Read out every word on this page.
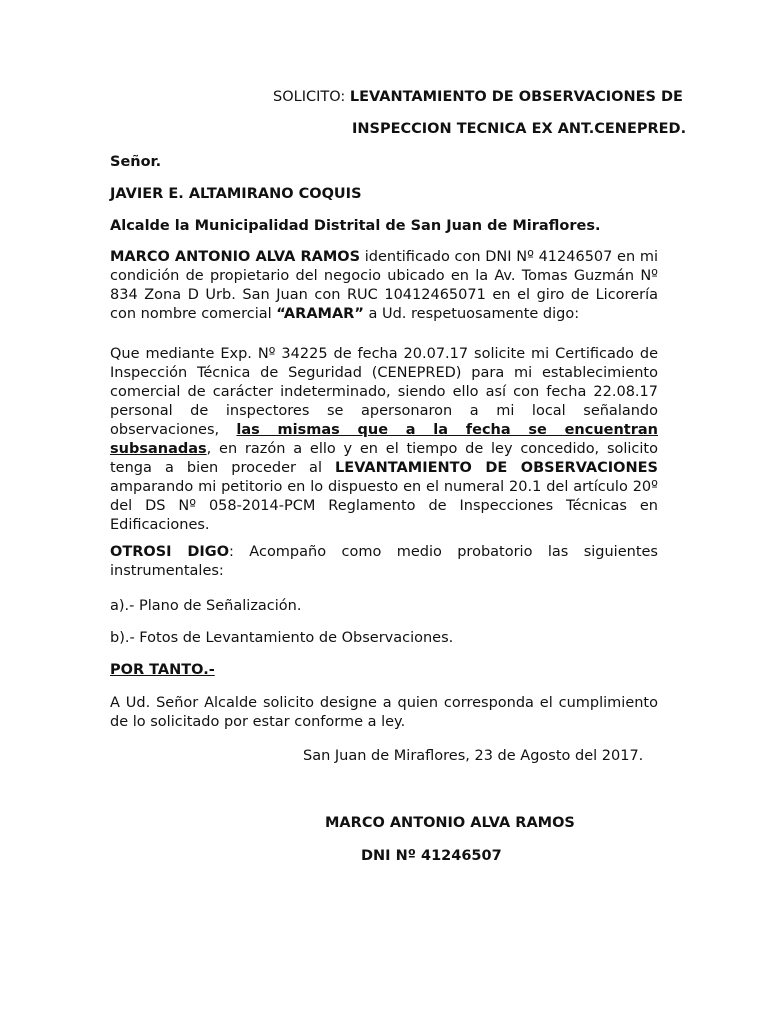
SOLICITO: LEVANTAMIENTO DE OBSERVACIONES DE
INSPECCION TECNICA EX ANT.CENEPRED.
Señor.
JAVIER E. ALTAMIRANO COQUIS
Alcalde la Municipalidad Distrital de San Juan de Miraflores.
MARCO ANTONIO ALVA RAMOS identificado con DNI Nº 41246507 en mi condición de propietario del negocio ubicado en la Av. Tomas Guzmán Nº 834 Zona D Urb. San Juan con RUC 10412465071 en el giro de Licorería con nombre comercial “ARAMAR” a Ud. respetuosamente digo:
Que mediante Exp. Nº 34225 de fecha 20.07.17 solicite mi Certificado de Inspección Técnica de Seguridad (CENEPRED) para mi establecimiento comercial de carácter indeterminado, siendo ello así con fecha 22.08.17 personal de inspectores se apersonaron a mi local señalando observaciones, las mismas que a la fecha se encuentran subsanadas, en razón a ello y en el tiempo de ley concedido, solicito tenga a bien proceder al LEVANTAMIENTO DE OBSERVACIONES amparando mi petitorio en lo dispuesto en el numeral 20.1 del artículo 20º del DS Nº 058-2014-PCM Reglamento de Inspecciones Técnicas en Edificaciones.
OTROSI DIGO: Acompaño como medio probatorio las siguientes instrumentales:
a).- Plano de Señalización.
b).- Fotos de Levantamiento de Observaciones.
POR TANTO.-
A Ud. Señor Alcalde solicito designe a quien corresponda el cumplimiento de lo solicitado por estar conforme a ley.
San Juan de Miraflores, 23 de Agosto del 2017.
MARCO ANTONIO ALVA RAMOS
DNI Nº 41246507
